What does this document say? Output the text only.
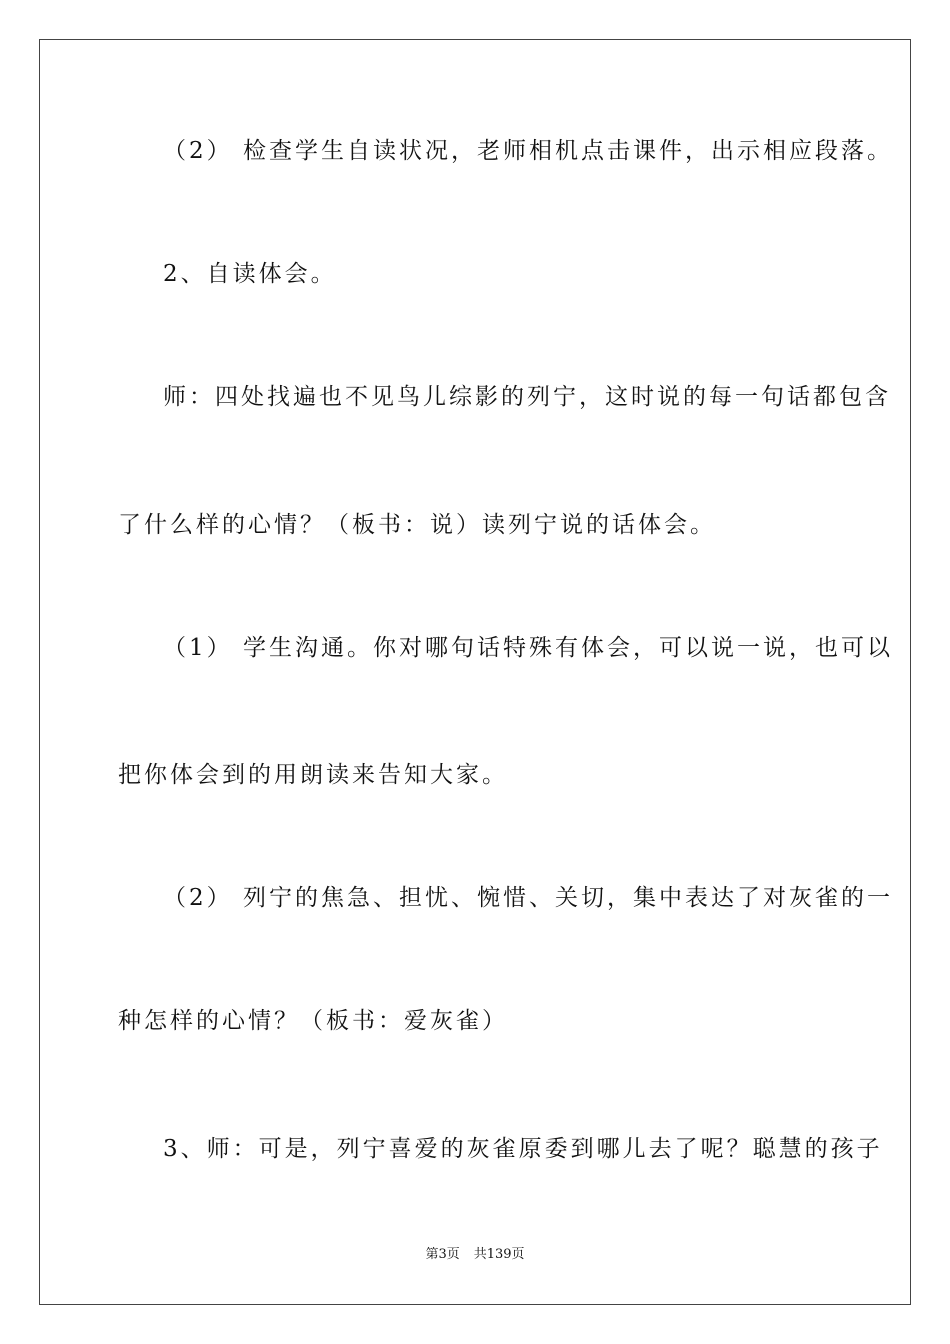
（2） 检查学生自读状况，老师相机点击课件，出示相应段落。
2、自读体会。
师：四处找遍也不见鸟儿综影的列宁，这时说的每一句话都包含
了什么样的心情？（板书：说）读列宁说的话体会。
（1） 学生沟通。你对哪句话特殊有体会，可以说一说，也可以
把你体会到的用朗读来告知大家。
（2） 列宁的焦急、担忧、惋惜、关切，集中表达了对灰雀的一
种怎样的心情？（板书：爱灰雀）
3、师：可是，列宁喜爱的灰雀原委到哪儿去了呢？聪慧的孩子
第3页 共139页
